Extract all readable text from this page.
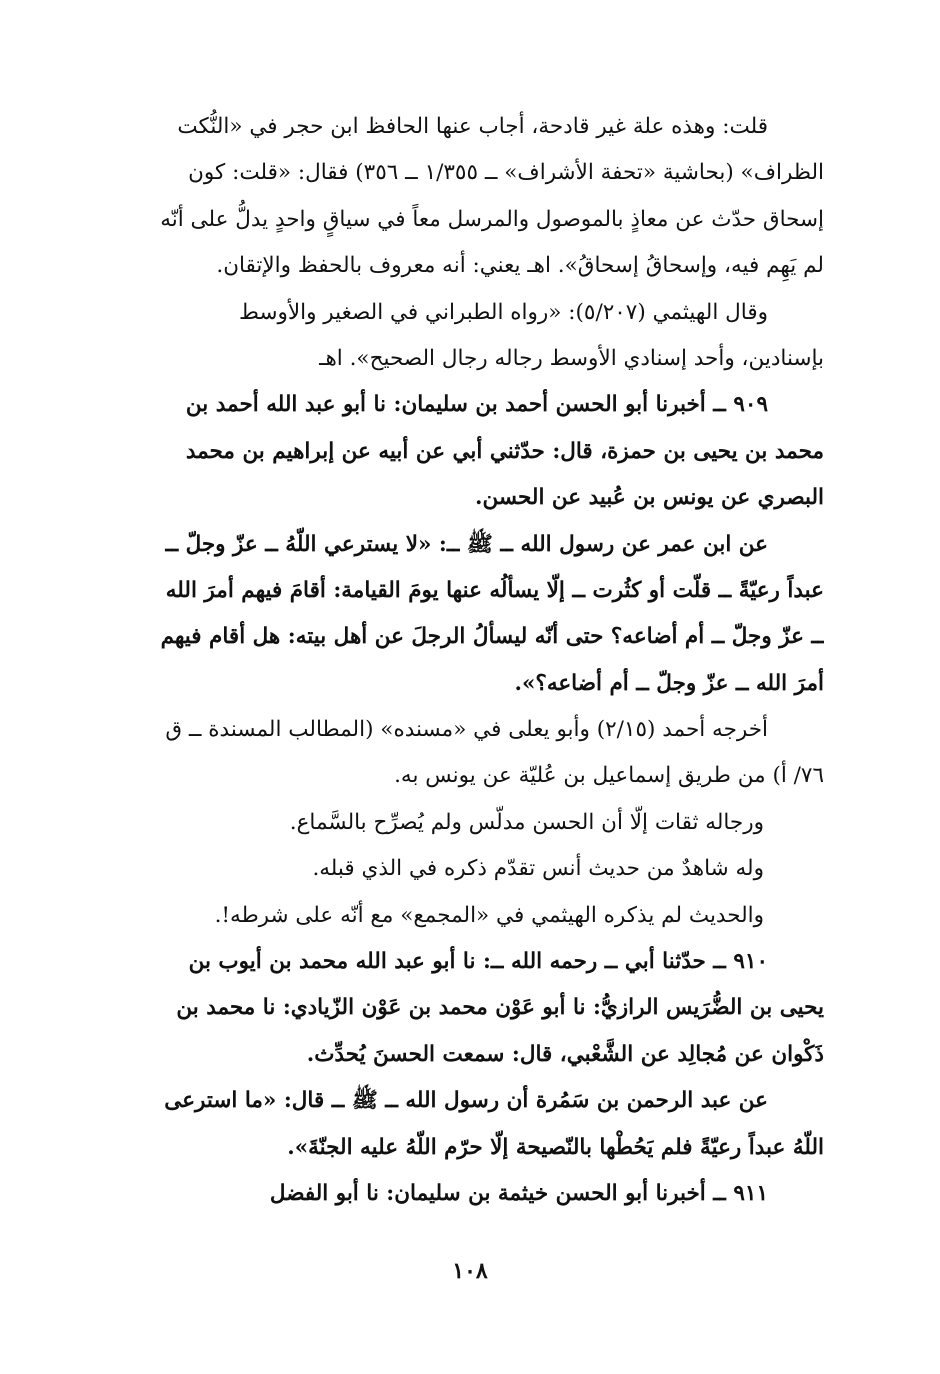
قلت: وهذه علة غير قادحة، أجاب عنها الحافظ ابن حجر في «النُّكت
الظراف» (بحاشية «تحفة الأشراف» ــ ١/٣٥٥ ــ ٣٥٦) فقال: «قلت: كون
إسحاق حدّث عن معاذٍ بالموصول والمرسل معاً في سياقٍ واحدٍ يدلُّ على أنّه
لم يَهِم فيه، وإسحاقُ إسحاقُ». اهـ يعني: أنه معروف بالحفظ والإتقان.
وقال الهيثمي (٥/٢٠٧): «رواه الطبراني في الصغير والأوسط
بإسنادين، وأحد إسنادي الأوسط رجاله رجال الصحيح». اهـ
٩٠٩ ــ أخبرنا أبو الحسن أحمد بن سليمان: نا أبو عبد الله أحمد بن
محمد بن يحيى بن حمزة، قال: حدّثني أبي عن أبيه عن إبراهيم بن محمد
البصري عن يونس بن عُبيد عن الحسن.
عن ابن عمر عن رسول الله ــ ﷺ ــ: «لا يسترعي اللّهُ ــ عزّ وجلّ ــ
عبداً رعيّةً ــ قلّت أو كثُرت ــ إلّا يسألُه عنها يومَ القيامة: أقامَ فيهم أمرَ الله
ــ عزّ وجلّ ــ أم أضاعه؟ حتى أنّه ليسألُ الرجلَ عن أهل بيته: هل أقام فيهم
أمرَ الله ــ عزّ وجلّ ــ أم أضاعه؟».
أخرجه أحمد (٢/١٥) وأبو يعلى في «مسنده» (المطالب المسندة ــ ق
٧٦/ أ) من طريق إسماعيل بن عُليّة عن يونس به.
ورجاله ثقات إلّا أن الحسن مدلّس ولم يُصرِّح بالسَّماع.
وله شاهدٌ من حديث أنس تقدّم ذكره في الذي قبله.
والحديث لم يذكره الهيثمي في «المجمع» مع أنّه على شرطه!.
٩١٠ ــ حدّثنا أبي ــ رحمه الله ــ: نا أبو عبد الله محمد بن أيوب بن
يحيى بن الضُّرَيس الرازيُّ: نا أبو عَوْن محمد بن عَوْن الزّيادي: نا محمد بن
ذَكْوان عن مُجالِد عن الشَّعْبي، قال: سمعت الحسنَ يُحدِّث.
عن عبد الرحمن بن سَمُرة أن رسول الله ــ ﷺ ــ قال: «ما استرعى
اللّهُ عبداً رعيّةً فلم يَحُطْها بالنّصيحة إلّا حرّم اللّهُ عليه الجنّةَ».
٩١١ ــ أخبرنا أبو الحسن خيثمة بن سليمان: نا أبو الفضل
١٠٨
